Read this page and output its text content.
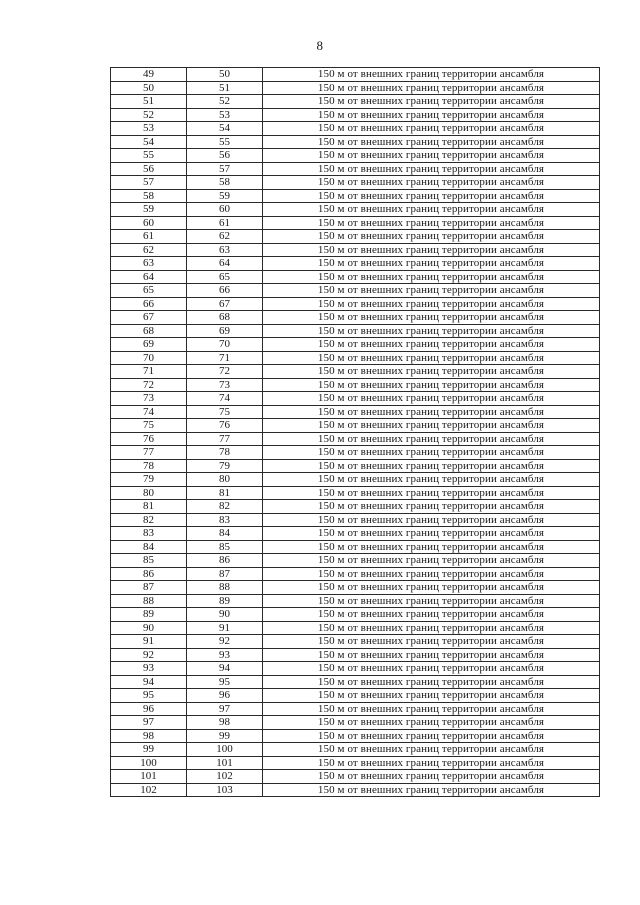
8
49	50	150 м от внешних границ территории ансамбля
50	51	150 м от внешних границ территории ансамбля
51	52	150 м от внешних границ территории ансамбля
52	53	150 м от внешних границ территории ансамбля
53	54	150 м от внешних границ территории ансамбля
54	55	150 м от внешних границ территории ансамбля
55	56	150 м от внешних границ территории ансамбля
56	57	150 м от внешних границ территории ансамбля
57	58	150 м от внешних границ территории ансамбля
58	59	150 м от внешних границ территории ансамбля
59	60	150 м от внешних границ территории ансамбля
60	61	150 м от внешних границ территории ансамбля
61	62	150 м от внешних границ территории ансамбля
62	63	150 м от внешних границ территории ансамбля
63	64	150 м от внешних границ территории ансамбля
64	65	150 м от внешних границ территории ансамбля
65	66	150 м от внешних границ территории ансамбля
66	67	150 м от внешних границ территории ансамбля
67	68	150 м от внешних границ территории ансамбля
68	69	150 м от внешних границ территории ансамбля
69	70	150 м от внешних границ территории ансамбля
70	71	150 м от внешних границ территории ансамбля
71	72	150 м от внешних границ территории ансамбля
72	73	150 м от внешних границ территории ансамбля
73	74	150 м от внешних границ территории ансамбля
74	75	150 м от внешних границ территории ансамбля
75	76	150 м от внешних границ территории ансамбля
76	77	150 м от внешних границ территории ансамбля
77	78	150 м от внешних границ территории ансамбля
78	79	150 м от внешних границ территории ансамбля
79	80	150 м от внешних границ территории ансамбля
80	81	150 м от внешних границ территории ансамбля
81	82	150 м от внешних границ территории ансамбля
82	83	150 м от внешних границ территории ансамбля
83	84	150 м от внешних границ территории ансамбля
84	85	150 м от внешних границ территории ансамбля
85	86	150 м от внешних границ территории ансамбля
86	87	150 м от внешних границ территории ансамбля
87	88	150 м от внешних границ территории ансамбля
88	89	150 м от внешних границ территории ансамбля
89	90	150 м от внешних границ территории ансамбля
90	91	150 м от внешних границ территории ансамбля
91	92	150 м от внешних границ территории ансамбля
92	93	150 м от внешних границ территории ансамбля
93	94	150 м от внешних границ территории ансамбля
94	95	150 м от внешних границ территории ансамбля
95	96	150 м от внешних границ территории ансамбля
96	97	150 м от внешних границ территории ансамбля
97	98	150 м от внешних границ территории ансамбля
98	99	150 м от внешних границ территории ансамбля
99	100	150 м от внешних границ территории ансамбля
100	101	150 м от внешних границ территории ансамбля
101	102	150 м от внешних границ территории ансамбля
102	103	150 м от внешних границ территории ансамбля
